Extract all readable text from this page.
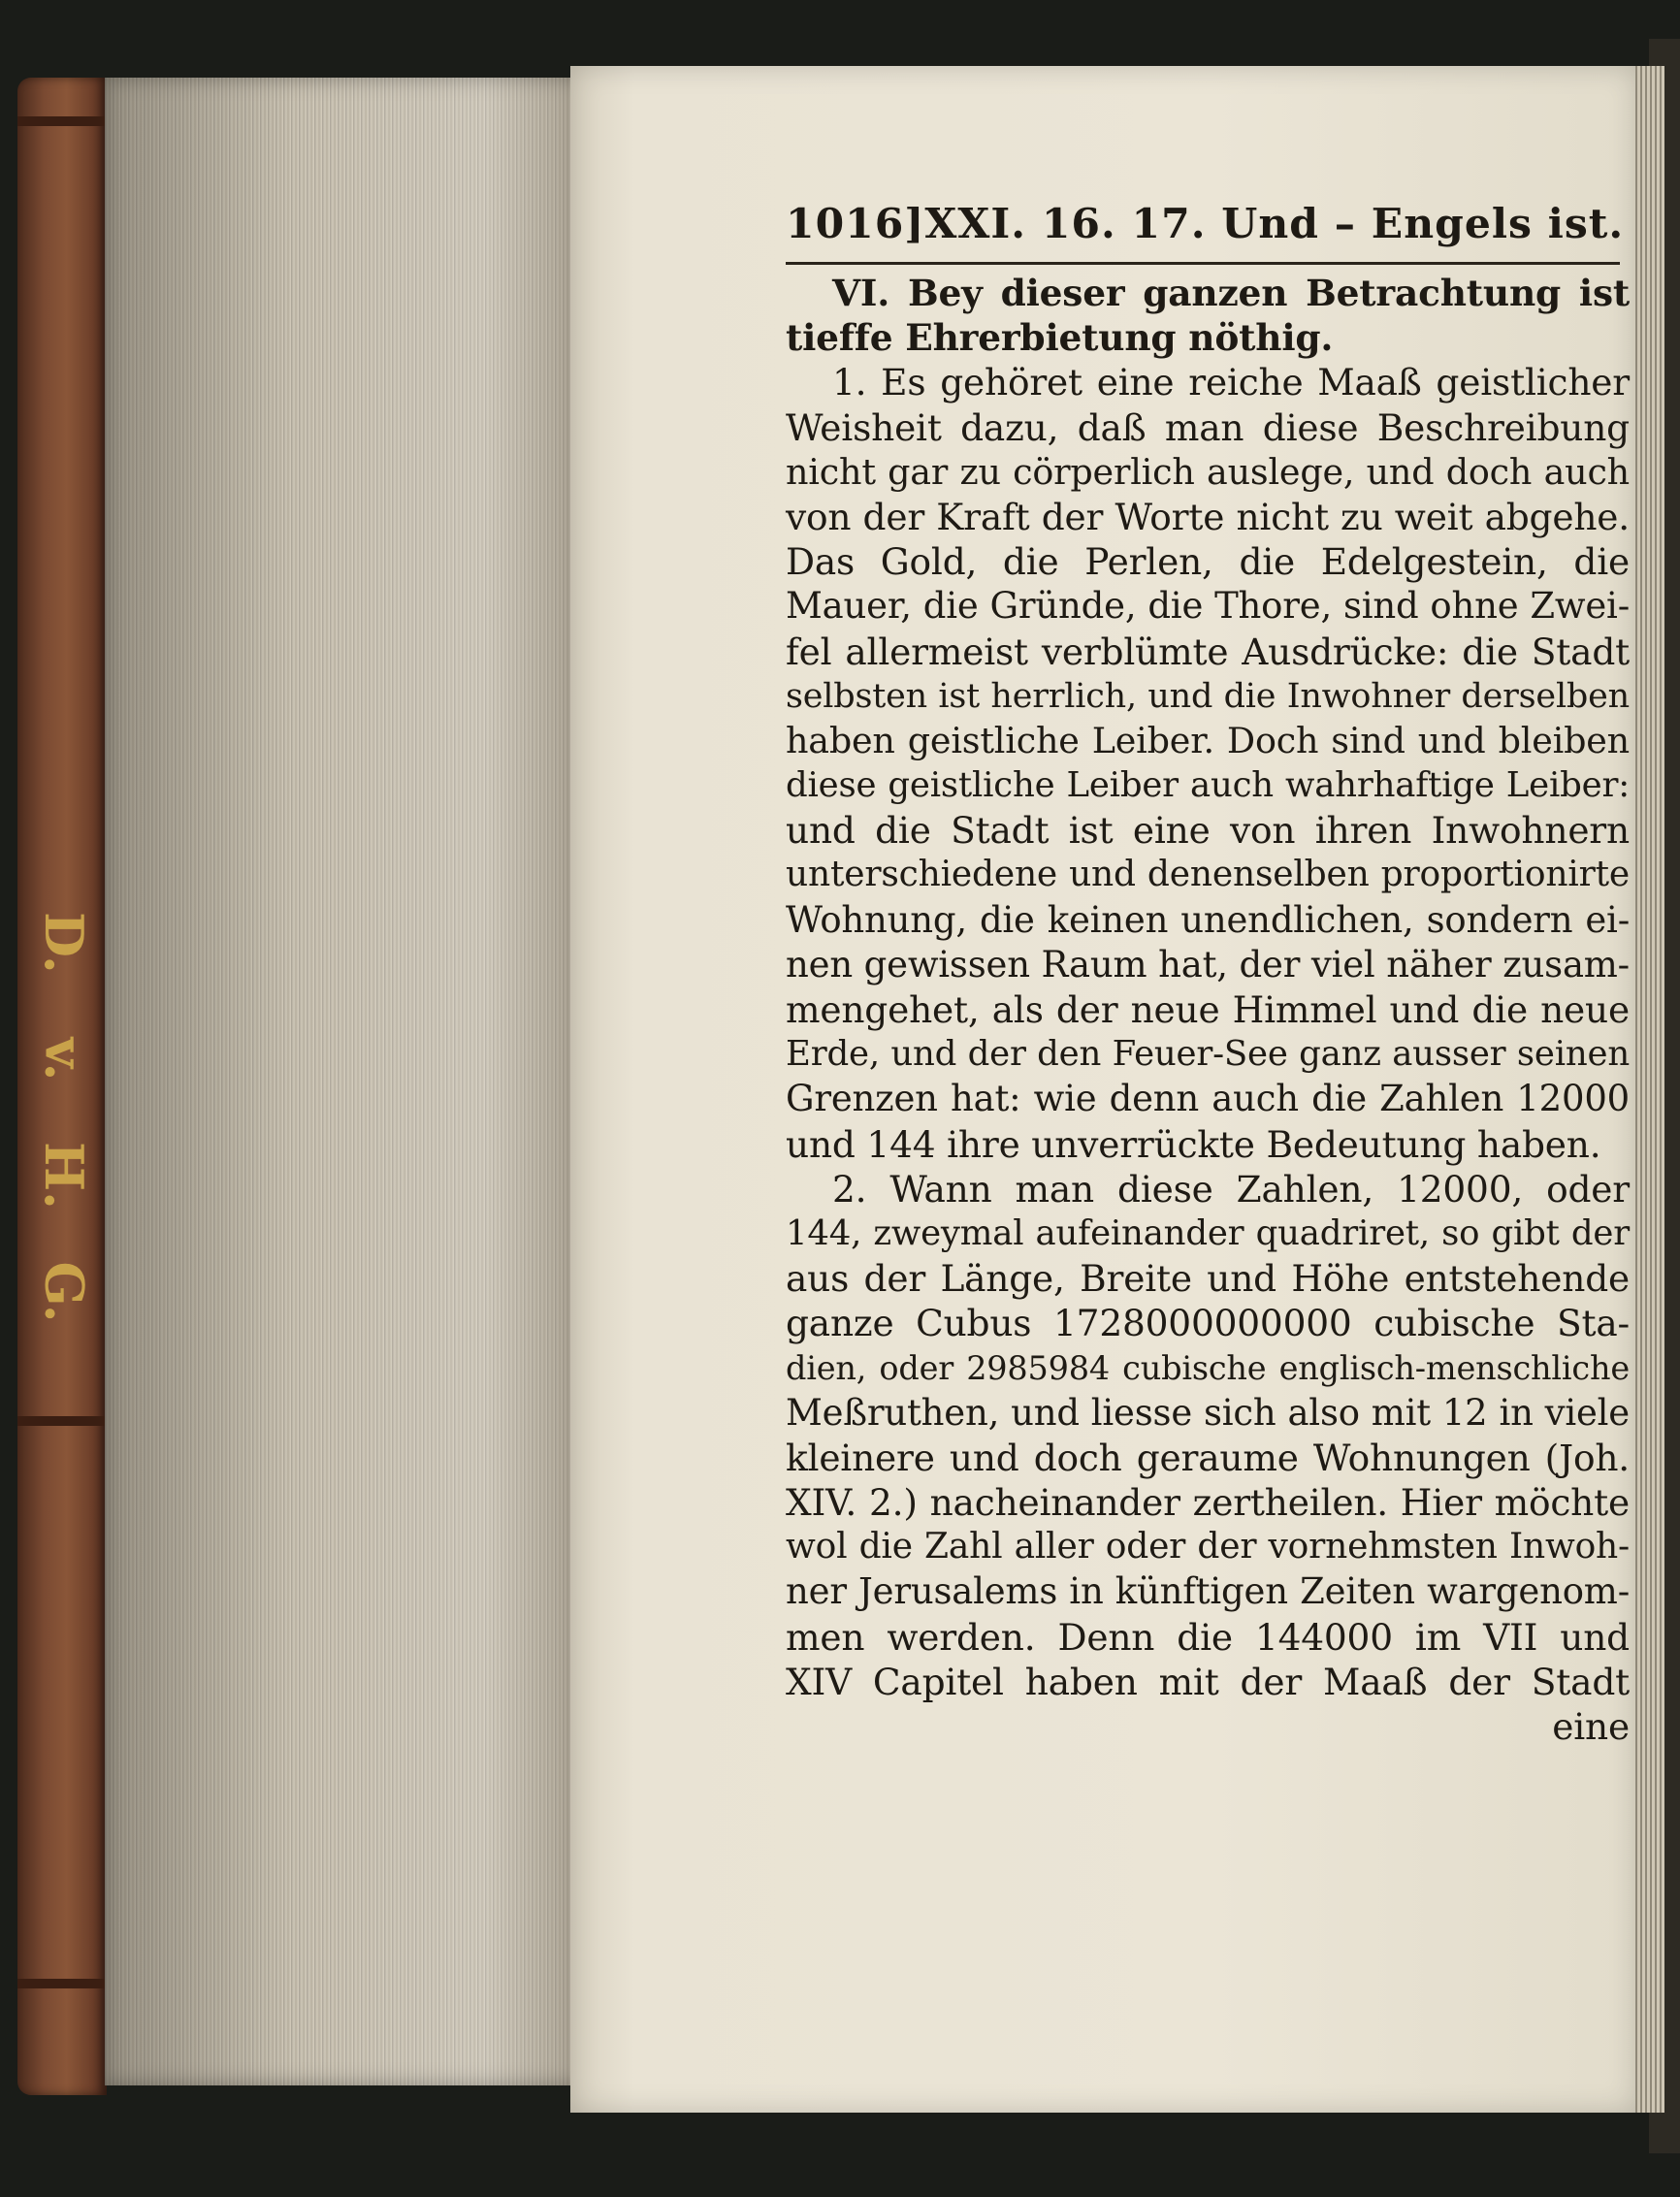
D.
v.
H.
G.
1016]XXI. 16. 17. Und – Engels ist.
VI. Bey dieser ganzen Betrachtung ist
tieffe Ehrerbietung nöthig.
1. Es gehöret eine reiche Maaß geistlicher
Weisheit dazu, daß man diese Beschreibung
nicht gar zu cörperlich auslege, und doch auch
von der Kraft der Worte nicht zu weit abgehe.
Das Gold, die Perlen, die Edelgestein, die
Mauer, die Gründe, die Thore, sind ohne Zwei-
fel allermeist verblümte Ausdrücke: die Stadt
selbsten ist herrlich, und die Inwohner derselben
haben geistliche Leiber. Doch sind und bleiben
diese geistliche Leiber auch wahrhaftige Leiber:
und die Stadt ist eine von ihren Inwohnern
unterschiedene und denenselben proportionirte
Wohnung, die keinen unendlichen, sondern ei-
nen gewissen Raum hat, der viel näher zusam-
mengehet, als der neue Himmel und die neue
Erde, und der den Feuer-See ganz ausser seinen
Grenzen hat: wie denn auch die Zahlen 12000
und 144 ihre unverrückte Bedeutung haben.
2. Wann man diese Zahlen, 12000, oder
144, zweymal aufeinander quadriret, so gibt der
aus der Länge, Breite und Höhe entstehende
ganze Cubus 1728000000000 cubische Sta-
dien, oder 2985984 cubische englisch-menschliche
Meßruthen, und liesse sich also mit 12 in viele
kleinere und doch geraume Wohnungen (Joh.
XIV. 2.) nacheinander zertheilen. Hier möchte
wol die Zahl aller oder der vornehmsten Inwoh-
ner Jerusalems in künftigen Zeiten wargenom-
men werden. Denn die 144000 im VII und
XIV Capitel haben mit der Maaß der Stadt
eine
